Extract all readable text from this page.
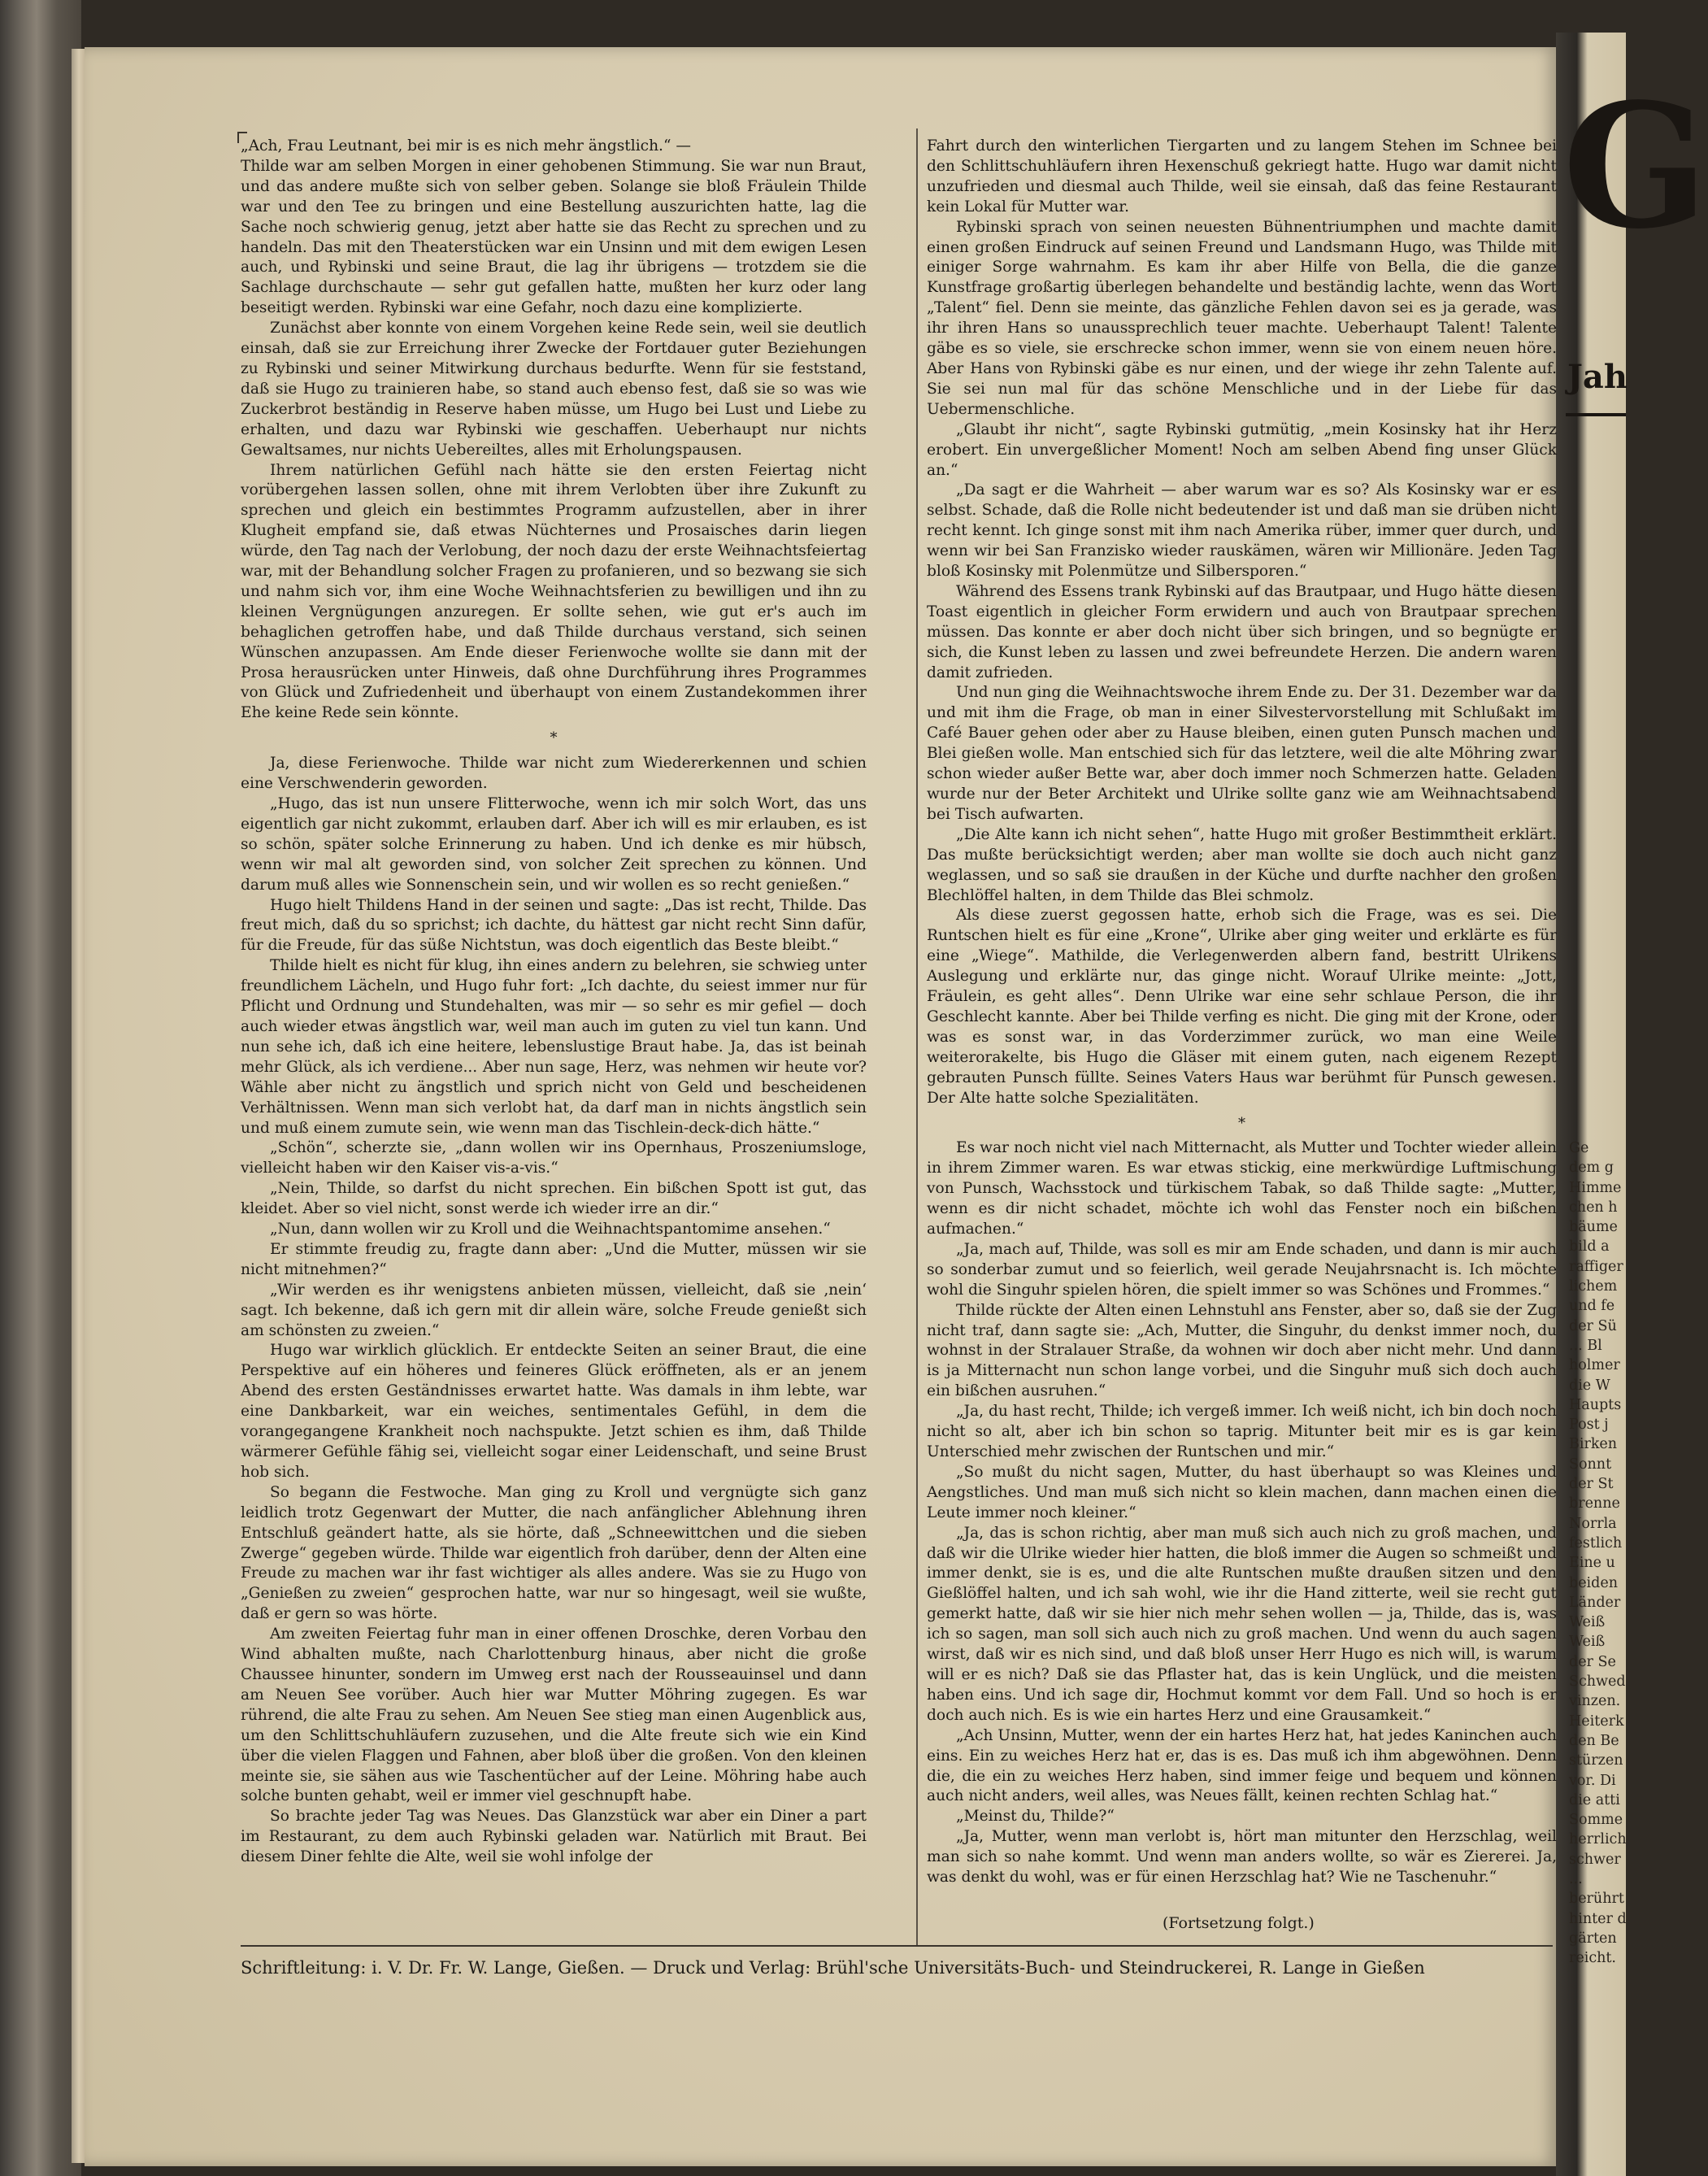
G
Jah
Ge
dem g
Himme
chen h
bäume
bild a
raffiger
lichem
und fe
der Sü
... Bl
holmer
die W
Haupts
Post j
Birken
Sonnt
der St
brenne
Norrla
festlich
Eine u
beiden
Länder
Weiß
Weiß
der Se
Schwed
vinzen.
Heiterk
den Be
stürzen
vor. Di
die atti
Somme
herrlich
schwer
...
berührt
hinter d
gärten
reicht.

„Ach, Frau Leutnant, bei mir is es nich mehr ängstlich.“ —

Thilde war am selben Morgen in einer gehobenen Stimmung. Sie war nun Braut, und das andere mußte sich von selber geben. Solange sie bloß Fräulein Thilde war und den Tee zu bringen und eine Bestellung auszurichten hatte, lag die Sache noch schwierig genug, jetzt aber hatte sie das Recht zu sprechen und zu handeln. Das mit den Theaterstücken war ein Unsinn und mit dem ewigen Lesen auch, und Rybinski und seine Braut, die lag ihr übrigens — trotzdem sie die Sachlage durchschaute — sehr gut gefallen hatte, mußten her kurz oder lang beseitigt werden. Rybinski war eine Gefahr, noch dazu eine komplizierte.

Zunächst aber konnte von einem Vorgehen keine Rede sein, weil sie deutlich einsah, daß sie zur Erreichung ihrer Zwecke der Fortdauer guter Beziehungen zu Rybinski und seiner Mitwirkung durchaus bedurfte. Wenn für sie feststand, daß sie Hugo zu trainieren habe, so stand auch ebenso fest, daß sie so was wie Zuckerbrot beständig in Reserve haben müsse, um Hugo bei Lust und Liebe zu erhalten, und dazu war Rybinski wie geschaffen. Ueberhaupt nur nichts Gewaltsames, nur nichts Uebereiltes, alles mit Erholungspausen.

Ihrem natürlichen Gefühl nach hätte sie den ersten Feiertag nicht vorübergehen lassen sollen, ohne mit ihrem Verlobten über ihre Zukunft zu sprechen und gleich ein bestimmtes Programm aufzustellen, aber in ihrer Klugheit empfand sie, daß etwas Nüchternes und Prosaisches darin liegen würde, den Tag nach der Verlobung, der noch dazu der erste Weihnachtsfeiertag war, mit der Behandlung solcher Fragen zu profanieren, und so bezwang sie sich und nahm sich vor, ihm eine Woche Weihnachtsferien zu bewilligen und ihn zu kleinen Vergnügungen anzuregen. Er sollte sehen, wie gut er's auch im behaglichen getroffen habe, und daß Thilde durchaus verstand, sich seinen Wünschen anzupassen. Am Ende dieser Ferienwoche wollte sie dann mit der Prosa herausrücken unter Hinweis, daß ohne Durchführung ihres Programmes von Glück und Zufriedenheit und überhaupt von einem Zustandekommen ihrer Ehe keine Rede sein könnte.

*

Ja, diese Ferienwoche. Thilde war nicht zum Wiedererkennen und schien eine Verschwenderin geworden.

„Hugo, das ist nun unsere Flitterwoche, wenn ich mir solch Wort, das uns eigentlich gar nicht zukommt, erlauben darf. Aber ich will es mir erlauben, es ist so schön, später solche Erinnerung zu haben. Und ich denke es mir hübsch, wenn wir mal alt geworden sind, von solcher Zeit sprechen zu können. Und darum muß alles wie Sonnenschein sein, und wir wollen es so recht genießen.“

Hugo hielt Thildens Hand in der seinen und sagte: „Das ist recht, Thilde. Das freut mich, daß du so sprichst; ich dachte, du hättest gar nicht recht Sinn dafür, für die Freude, für das süße Nichtstun, was doch eigentlich das Beste bleibt.“

Thilde hielt es nicht für klug, ihn eines andern zu belehren, sie schwieg unter freundlichem Lächeln, und Hugo fuhr fort: „Ich dachte, du seiest immer nur für Pflicht und Ordnung und Stundehalten, was mir — so sehr es mir gefiel — doch auch wieder etwas ängstlich war, weil man auch im guten zu viel tun kann. Und nun sehe ich, daß ich eine heitere, lebenslustige Braut habe. Ja, das ist beinah mehr Glück, als ich verdiene... Aber nun sage, Herz, was nehmen wir heute vor? Wähle aber nicht zu ängstlich und sprich nicht von Geld und bescheidenen Verhältnissen. Wenn man sich verlobt hat, da darf man in nichts ängstlich sein und muß einem zumute sein, wie wenn man das Tischlein-deck-dich hätte.“

„Schön“, scherzte sie, „dann wollen wir ins Opernhaus, Proszeniumsloge, vielleicht haben wir den Kaiser vis-a-vis.“

„Nein, Thilde, so darfst du nicht sprechen. Ein bißchen Spott ist gut, das kleidet. Aber so viel nicht, sonst werde ich wieder irre an dir.“

„Nun, dann wollen wir zu Kroll und die Weihnachtspantomime ansehen.“

Er stimmte freudig zu, fragte dann aber: „Und die Mutter, müssen wir sie nicht mitnehmen?“

„Wir werden es ihr wenigstens anbieten müssen, vielleicht, daß sie ‚nein‘ sagt. Ich bekenne, daß ich gern mit dir allein wäre, solche Freude genießt sich am schönsten zu zweien.“

Hugo war wirklich glücklich. Er entdeckte Seiten an seiner Braut, die eine Perspektive auf ein höheres und feineres Glück eröffneten, als er an jenem Abend des ersten Geständnisses erwartet hatte. Was damals in ihm lebte, war eine Dankbarkeit, war ein weiches, sentimentales Gefühl, in dem die vorangegangene Krankheit noch nachspukte. Jetzt schien es ihm, daß Thilde wärmerer Gefühle fähig sei, vielleicht sogar einer Leidenschaft, und seine Brust hob sich.

So begann die Festwoche. Man ging zu Kroll und vergnügte sich ganz leidlich trotz Gegenwart der Mutter, die nach anfänglicher Ablehnung ihren Entschluß geändert hatte, als sie hörte, daß „Schneewittchen und die sieben Zwerge“ gegeben würde. Thilde war eigentlich froh darüber, denn der Alten eine Freude zu machen war ihr fast wichtiger als alles andere. Was sie zu Hugo von „Genießen zu zweien“ gesprochen hatte, war nur so hingesagt, weil sie wußte, daß er gern so was hörte.

Am zweiten Feiertag fuhr man in einer offenen Droschke, deren Vorbau den Wind abhalten mußte, nach Charlottenburg hinaus, aber nicht die große Chaussee hinunter, sondern im Umweg erst nach der Rousseauinsel und dann am Neuen See vorüber. Auch hier war Mutter Möhring zugegen. Es war rührend, die alte Frau zu sehen. Am Neuen See stieg man einen Augenblick aus, um den Schlittschuhläufern zuzusehen, und die Alte freute sich wie ein Kind über die vielen Flaggen und Fahnen, aber bloß über die großen. Von den kleinen meinte sie, sie sähen aus wie Taschentücher auf der Leine. Möhring habe auch solche bunten gehabt, weil er immer viel geschnupft habe.

So brachte jeder Tag was Neues. Das Glanzstück war aber ein Diner a part im Restaurant, zu dem auch Rybinski geladen war. Natürlich mit Braut. Bei diesem Diner fehlte die Alte, weil sie wohl infolge der

Fahrt durch den winterlichen Tiergarten und zu langem Stehen im Schnee bei den Schlittschuhläufern ihren Hexenschuß gekriegt hatte. Hugo war damit nicht unzufrieden und diesmal auch Thilde, weil sie einsah, daß das feine Restaurant kein Lokal für Mutter war.

Rybinski sprach von seinen neuesten Bühnentriumphen und machte damit einen großen Eindruck auf seinen Freund und Landsmann Hugo, was Thilde mit einiger Sorge wahrnahm. Es kam ihr aber Hilfe von Bella, die die ganze Kunstfrage großartig überlegen behandelte und beständig lachte, wenn das Wort „Talent“ fiel. Denn sie meinte, das gänzliche Fehlen davon sei es ja gerade, was ihr ihren Hans so unaussprechlich teuer machte. Ueberhaupt Talent! Talente gäbe es so viele, sie erschrecke schon immer, wenn sie von einem neuen höre. Aber Hans von Rybinski gäbe es nur einen, und der wiege ihr zehn Talente auf. Sie sei nun mal für das schöne Menschliche und in der Liebe für das Uebermenschliche.

„Glaubt ihr nicht“, sagte Rybinski gutmütig, „mein Kosinsky hat ihr Herz erobert. Ein unvergeßlicher Moment! Noch am selben Abend fing unser Glück an.“

„Da sagt er die Wahrheit — aber warum war es so? Als Kosinsky war er es selbst. Schade, daß die Rolle nicht bedeutender ist und daß man sie drüben nicht recht kennt. Ich ginge sonst mit ihm nach Amerika rüber, immer quer durch, und wenn wir bei San Franzisko wieder rauskämen, wären wir Millionäre. Jeden Tag bloß Kosinsky mit Polenmütze und Silbersporen.“

Während des Essens trank Rybinski auf das Brautpaar, und Hugo hätte diesen Toast eigentlich in gleicher Form erwidern und auch von Brautpaar sprechen müssen. Das konnte er aber doch nicht über sich bringen, und so begnügte er sich, die Kunst leben zu lassen und zwei befreundete Herzen. Die andern waren damit zufrieden.

Und nun ging die Weihnachtswoche ihrem Ende zu. Der 31. Dezember war da und mit ihm die Frage, ob man in einer Silvestervorstellung mit Schlußakt im Café Bauer gehen oder aber zu Hause bleiben, einen guten Punsch machen und Blei gießen wolle. Man entschied sich für das letztere, weil die alte Möhring zwar schon wieder außer Bette war, aber doch immer noch Schmerzen hatte. Geladen wurde nur der Beter Architekt und Ulrike sollte ganz wie am Weihnachtsabend bei Tisch aufwarten.

„Die Alte kann ich nicht sehen“, hatte Hugo mit großer Bestimmtheit erklärt. Das mußte berücksichtigt werden; aber man wollte sie doch auch nicht ganz weglassen, und so saß sie draußen in der Küche und durfte nachher den großen Blechlöffel halten, in dem Thilde das Blei schmolz.

Als diese zuerst gegossen hatte, erhob sich die Frage, was es sei. Die Runtschen hielt es für eine „Krone“, Ulrike aber ging weiter und erklärte es für eine „Wiege“. Mathilde, die Verlegenwerden albern fand, bestritt Ulrikens Auslegung und erklärte nur, das ginge nicht. Worauf Ulrike meinte: „Jott, Fräulein, es geht alles“. Denn Ulrike war eine sehr schlaue Person, die ihr Geschlecht kannte. Aber bei Thilde verfing es nicht. Die ging mit der Krone, oder was es sonst war, in das Vorderzimmer zurück, wo man eine Weile weiterorakelte, bis Hugo die Gläser mit einem guten, nach eigenem Rezept gebrauten Punsch füllte. Seines Vaters Haus war berühmt für Punsch gewesen. Der Alte hatte solche Spezialitäten.

*

Es war noch nicht viel nach Mitternacht, als Mutter und Tochter wieder allein in ihrem Zimmer waren. Es war etwas stickig, eine merkwürdige Luftmischung von Punsch, Wachsstock und türkischem Tabak, so daß Thilde sagte: „Mutter, wenn es dir nicht schadet, möchte ich wohl das Fenster noch ein bißchen aufmachen.“

„Ja, mach auf, Thilde, was soll es mir am Ende schaden, und dann is mir auch so sonderbar zumut und so feierlich, weil gerade Neujahrsnacht is. Ich möchte wohl die Singuhr spielen hören, die spielt immer so was Schönes und Frommes.“

Thilde rückte der Alten einen Lehnstuhl ans Fenster, aber so, daß sie der Zug nicht traf, dann sagte sie: „Ach, Mutter, die Singuhr, du denkst immer noch, du wohnst in der Stralauer Straße, da wohnen wir doch aber nicht mehr. Und dann is ja Mitternacht nun schon lange vorbei, und die Singuhr muß sich doch auch ein bißchen ausruhen.“

„Ja, du hast recht, Thilde; ich vergeß immer. Ich weiß nicht, ich bin doch noch nicht so alt, aber ich bin schon so taprig. Mitunter beit mir es is gar kein Unterschied mehr zwischen der Runtschen und mir.“

„So mußt du nicht sagen, Mutter, du hast überhaupt so was Kleines und Aengstliches. Und man muß sich nicht so klein machen, dann machen einen die Leute immer noch kleiner.“

„Ja, das is schon richtig, aber man muß sich auch nich zu groß machen, und daß wir die Ulrike wieder hier hatten, die bloß immer die Augen so schmeißt und immer denkt, sie is es, und die alte Runtschen mußte draußen sitzen und den Gießlöffel halten, und ich sah wohl, wie ihr die Hand zitterte, weil sie recht gut gemerkt hatte, daß wir sie hier nich mehr sehen wollen — ja, Thilde, das is, was ich so sagen, man soll sich auch nich zu groß machen. Und wenn du auch sagen wirst, daß wir es nich sind, und daß bloß unser Herr Hugo es nich will, is warum will er es nich? Daß sie das Pflaster hat, das is kein Unglück, und die meisten haben eins. Und ich sage dir, Hochmut kommt vor dem Fall. Und so hoch is er doch auch nich. Es is wie ein hartes Herz und eine Grausamkeit.“

„Ach Unsinn, Mutter, wenn der ein hartes Herz hat, hat jedes Kaninchen auch eins. Ein zu weiches Herz hat er, das is es. Das muß ich ihm abgewöhnen. Denn die, die ein zu weiches Herz haben, sind immer feige und bequem und können auch nicht anders, weil alles, was Neues fällt, keinen rechten Schlag hat.“

„Meinst du, Thilde?“

„Ja, Mutter, wenn man verlobt is, hört man mitunter den Herzschlag, weil man sich so nahe kommt. Und wenn man anders wollte, so wär es Ziererei. Ja, was denkt du wohl, was er für einen Herzschlag hat? Wie ne Taschenuhr.“

(Fortsetzung folgt.)
Schriftleitung: i. V. Dr. Fr. W. Lange, Gießen. — Druck und Verlag: Brühl'sche Universitäts-Buch- und Steindruckerei, R. Lange in Gießen
